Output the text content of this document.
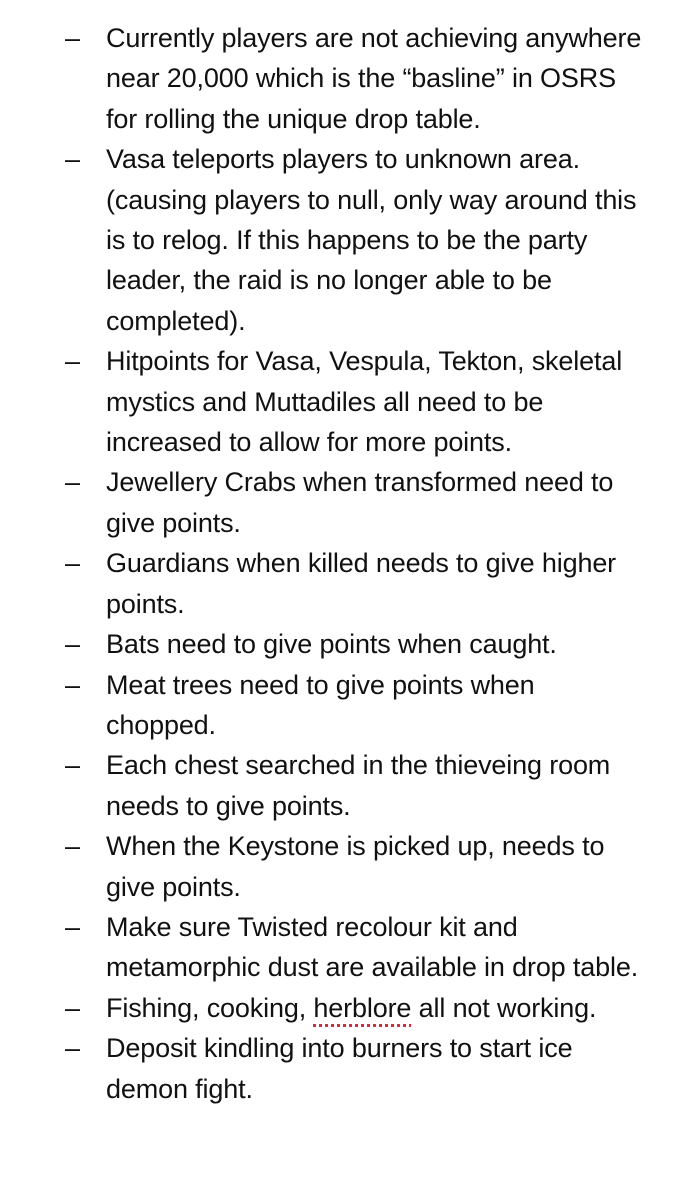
– Currently players are not achieving anywhere near 20,000 which is the “basline” in OSRS for rolling the unique drop table.
– Vasa teleports players to unknown area. (causing players to null, only way around this is to relog. If this happens to be the party leader, the raid is no longer able to be completed).
– Hitpoints for Vasa, Vespula, Tekton, skeletal mystics and Muttadiles all need to be increased to allow for more points.
– Jewellery Crabs when transformed need to give points.
– Guardians when killed needs to give higher points.
– Bats need to give points when caught.
– Meat trees need to give points when chopped.
– Each chest searched in the thieveing room needs to give points.
– When the Keystone is picked up, needs to give points.
– Make sure Twisted recolour kit and metamorphic dust are available in drop table.
– Fishing, cooking, herblore all not working.
– Deposit kindling into burners to start ice demon fight.
